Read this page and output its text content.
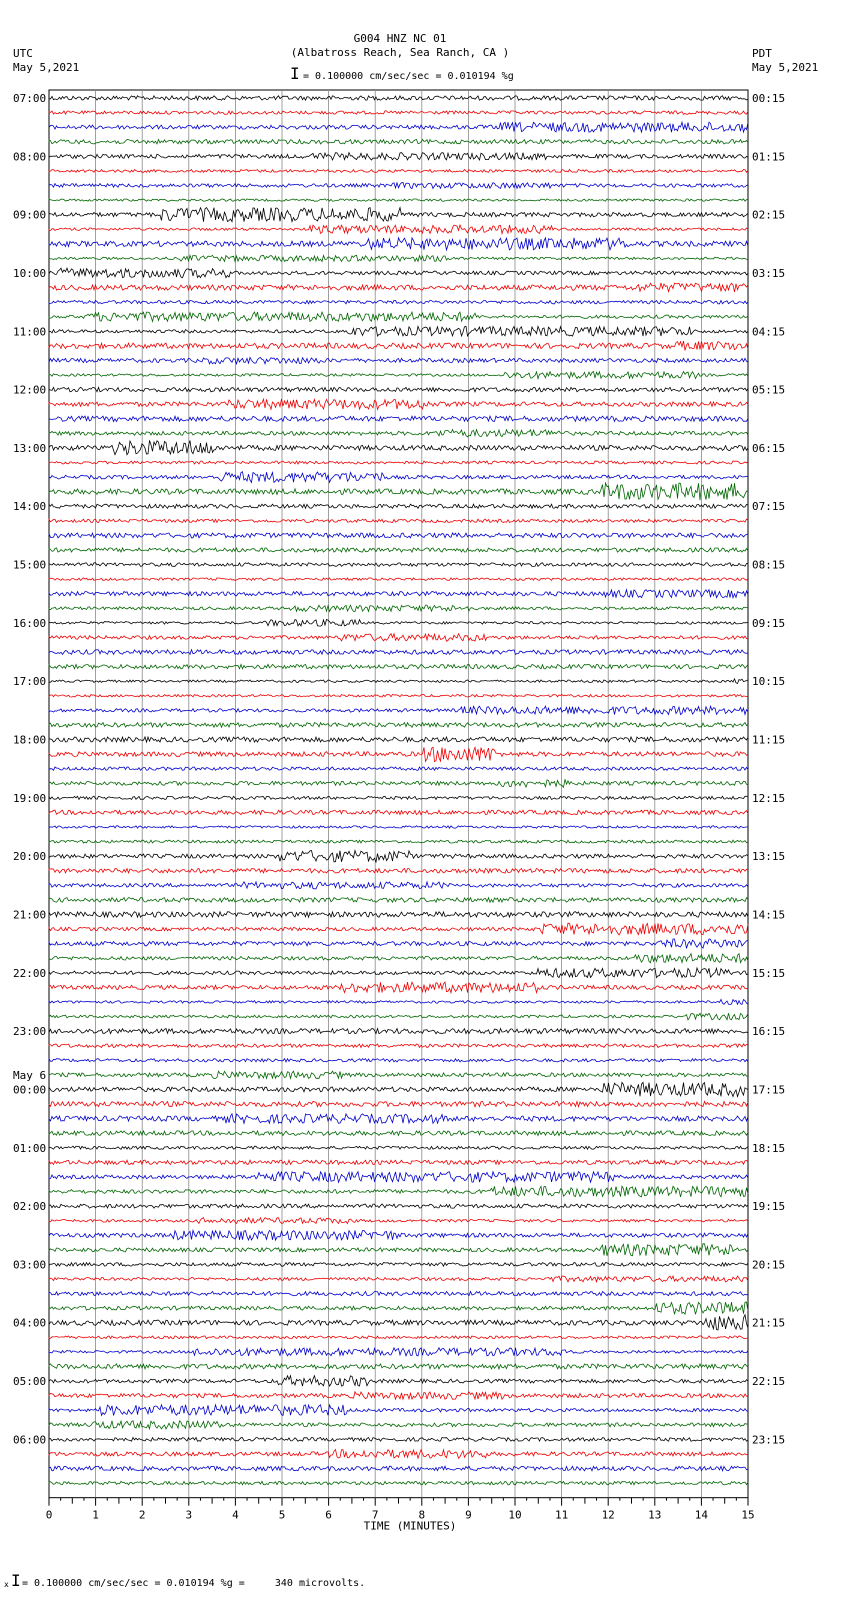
G004 HNZ NC 01
(Albatross Reach, Sea Ranch, CA )
UTC
May 5,2021
PDT
May 5,2021
I = 0.100000 cm/sec/sec = 0.010194 %g
May 6
x I = 0.100000 cm/sec/sec = 0.010194 %g =     340 microvolts.
07:00
08:00
09:00
10:00
11:00
12:00
13:00
14:00
15:00
16:00
17:00
18:00
19:00
20:00
21:00
22:00
23:00
00:00
01:00
02:00
03:00
04:00
05:00
06:00
00:15
01:15
02:15
03:15
04:15
05:15
06:15
07:15
08:15
09:15
10:15
11:15
12:15
13:15
14:15
15:15
16:15
17:15
18:15
19:15
20:15
21:15
22:15
23:15
0	1	2	3	4	5	6	7	8	9	10	11	12	13	14	15
TIME (MINUTES)
